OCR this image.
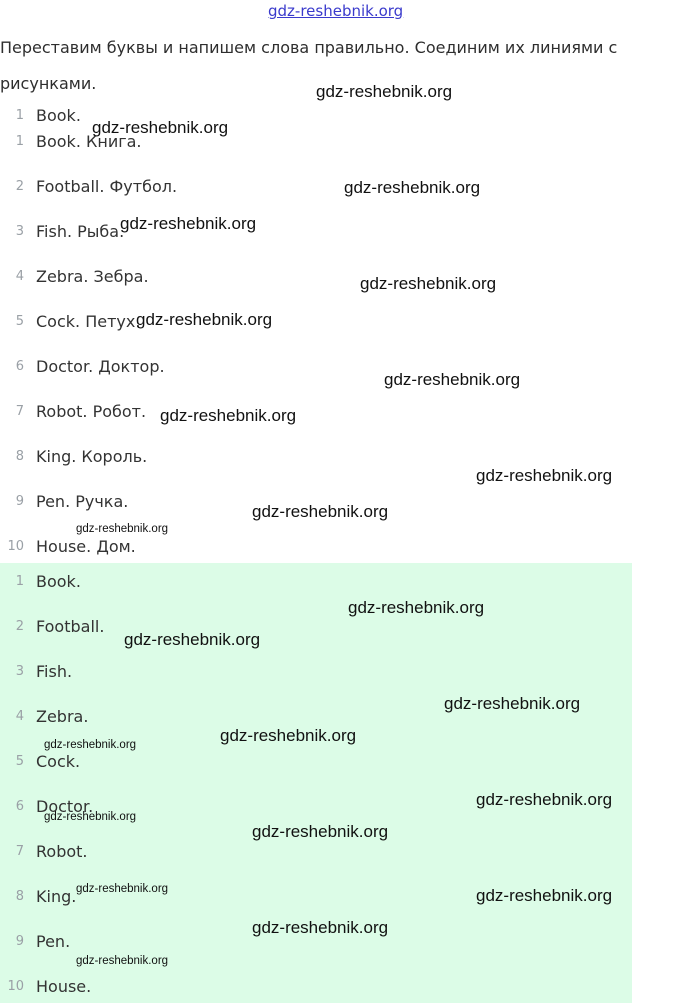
gdz-reshebnik.org
Переставим буквы и напишем слова правильно. Соединим их линиями с рисунками.
1 Book.
1 Book. Книга.
2 Football. Футбол.
3 Fish. Рыба.
4 Zebra. Зебра.
5 Cock. Петух.
6 Doctor. Доктор.
7 Robot. Робот.
8 King. Король.
9 Pen. Ручка.
10 House. Дом.
1 Book.
2 Football.
3 Fish.
4 Zebra.
5 Cock.
6 Doctor.
7 Robot.
8 King.
9 Pen.
10 House.
gdz-reshebnik.org
gdz-reshebnik.org
gdz-reshebnik.org
gdz-reshebnik.org
gdz-reshebnik.org
gdz-reshebnik.org
gdz-reshebnik.org
gdz-reshebnik.org
gdz-reshebnik.org
gdz-reshebnik.org
gdz-reshebnik.org
gdz-reshebnik.org
gdz-reshebnik.org
gdz-reshebnik.org
gdz-reshebnik.org
gdz-reshebnik.org
gdz-reshebnik.org
gdz-reshebnik.org
gdz-reshebnik.org
gdz-reshebnik.org	gdz-reshebnik.org
gdz-reshebnik.org
gdz-reshebnik.org
